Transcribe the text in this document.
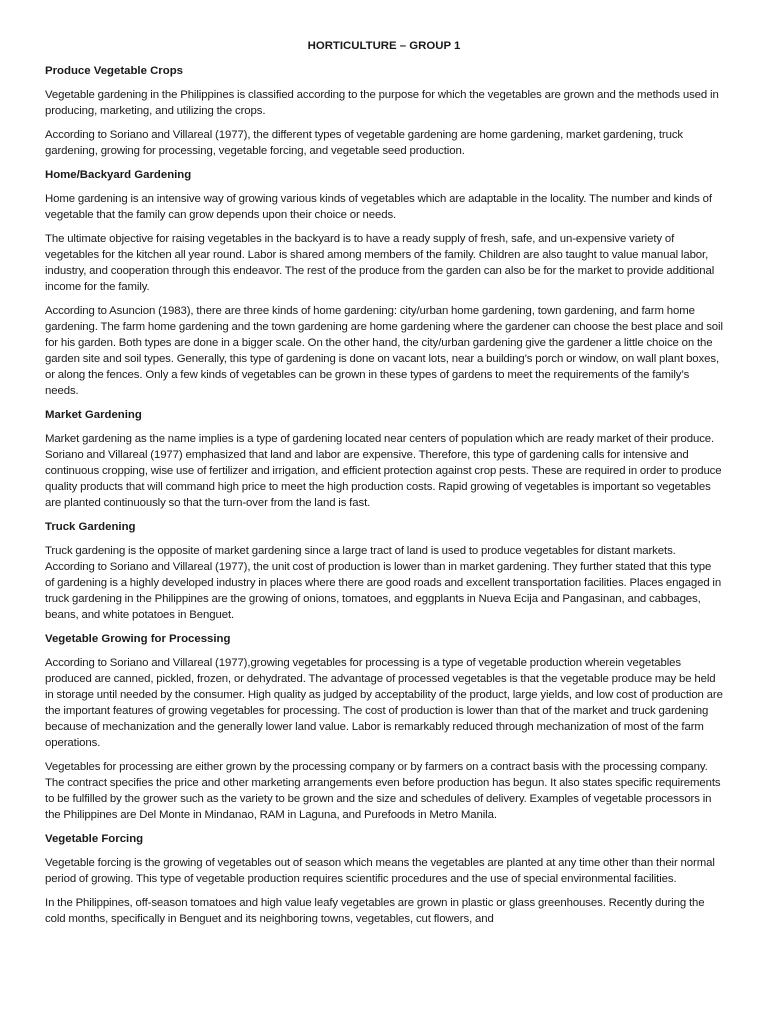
HORTICULTURE – GROUP 1
Produce Vegetable Crops

Vegetable gardening in the Philippines is classified according to the purpose for which the vegetables are grown and the methods used in producing, marketing, and utilizing the crops.

According to Soriano and Villareal (1977), the different types of vegetable gardening are home gardening, market gardening, truck gardening, growing for processing, vegetable forcing, and vegetable seed production.

Home/Backyard Gardening

Home gardening is an intensive way of growing various kinds of vegetables which are adaptable in the locality. The number and kinds of vegetable that the family can grow depends upon their choice or needs.

The ultimate objective for raising vegetables in the backyard is to have a ready supply of fresh, safe, and un-expensive variety of vegetables for the kitchen all year round. Labor is shared among members of the family. Children are also taught to value manual labor, industry, and cooperation through this endeavor. The rest of the produce from the garden can also be for the market to provide additional income for the family.

According to Asuncion (1983), there are three kinds of home gardening: city/urban home gardening, town gardening, and farm home gardening. The farm home gardening and the town gardening are home gardening where the gardener can choose the best place and soil for his garden. Both types are done in a bigger scale. On the other hand, the city/urban gardening give the gardener a little choice on the garden site and soil types. Generally, this type of gardening is done on vacant lots, near a building’s porch or window, on wall plant boxes, or along the fences. Only a few kinds of vegetables can be grown in these types of gardens to meet the requirements of the family’s needs.

Market Gardening

Market gardening as the name implies is a type of gardening located near centers of population which are ready market of their produce. Soriano and Villareal (1977) emphasized that land and labor are expensive. Therefore, this type of gardening calls for intensive and continuous cropping, wise use of fertilizer and irrigation, and efficient protection against crop pests. These are required in order to produce quality products that will command high price to meet the high production costs. Rapid growing of vegetables is important so vegetables are planted continuously so that the turn-over from the land is fast.

Truck Gardening

Truck gardening is the opposite of market gardening since a large tract of land is used to produce vegetables for distant markets. According to Soriano and Villareal (1977), the unit cost of production is lower than in market gardening. They further stated that this type of gardening is a highly developed industry in places where there are good roads and excellent transportation facilities. Places engaged in truck gardening in the Philippines are the growing of onions, tomatoes, and eggplants in Nueva Ecija and Pangasinan, and cabbages, beans, and white potatoes in Benguet.

Vegetable Growing for Processing

According to Soriano and Villareal (1977),growing vegetables for processing is a type of vegetable production wherein vegetables produced are canned, pickled, frozen, or dehydrated. The advantage of processed vegetables is that the vegetable produce may be held in storage until needed by the consumer. High quality as judged by acceptability of the product, large yields, and low cost of production are the important features of growing vegetables for processing. The cost of production is lower than that of the market and truck gardening because of mechanization and the generally lower land value. Labor is remarkably reduced through mechanization of most of the farm operations.

Vegetables for processing are either grown by the processing company or by farmers on a contract basis with the processing company. The contract specifies the price and other marketing arrangements even before production has begun. It also states specific requirements to be fulfilled by the grower such as the variety to be grown and the size and schedules of delivery. Examples of vegetable processors in the Philippines are Del Monte in Mindanao, RAM in Laguna, and Purefoods in Metro Manila.

Vegetable Forcing

Vegetable forcing is the growing of vegetables out of season which means the vegetables are planted at any time other than their normal period of growing. This type of vegetable production requires scientific procedures and the use of special environmental facilities.

In the Philippines, off-season tomatoes and high value leafy vegetables are grown in plastic or glass greenhouses. Recently during the cold months, specifically in Benguet and its neighboring towns, vegetables, cut flowers, and
